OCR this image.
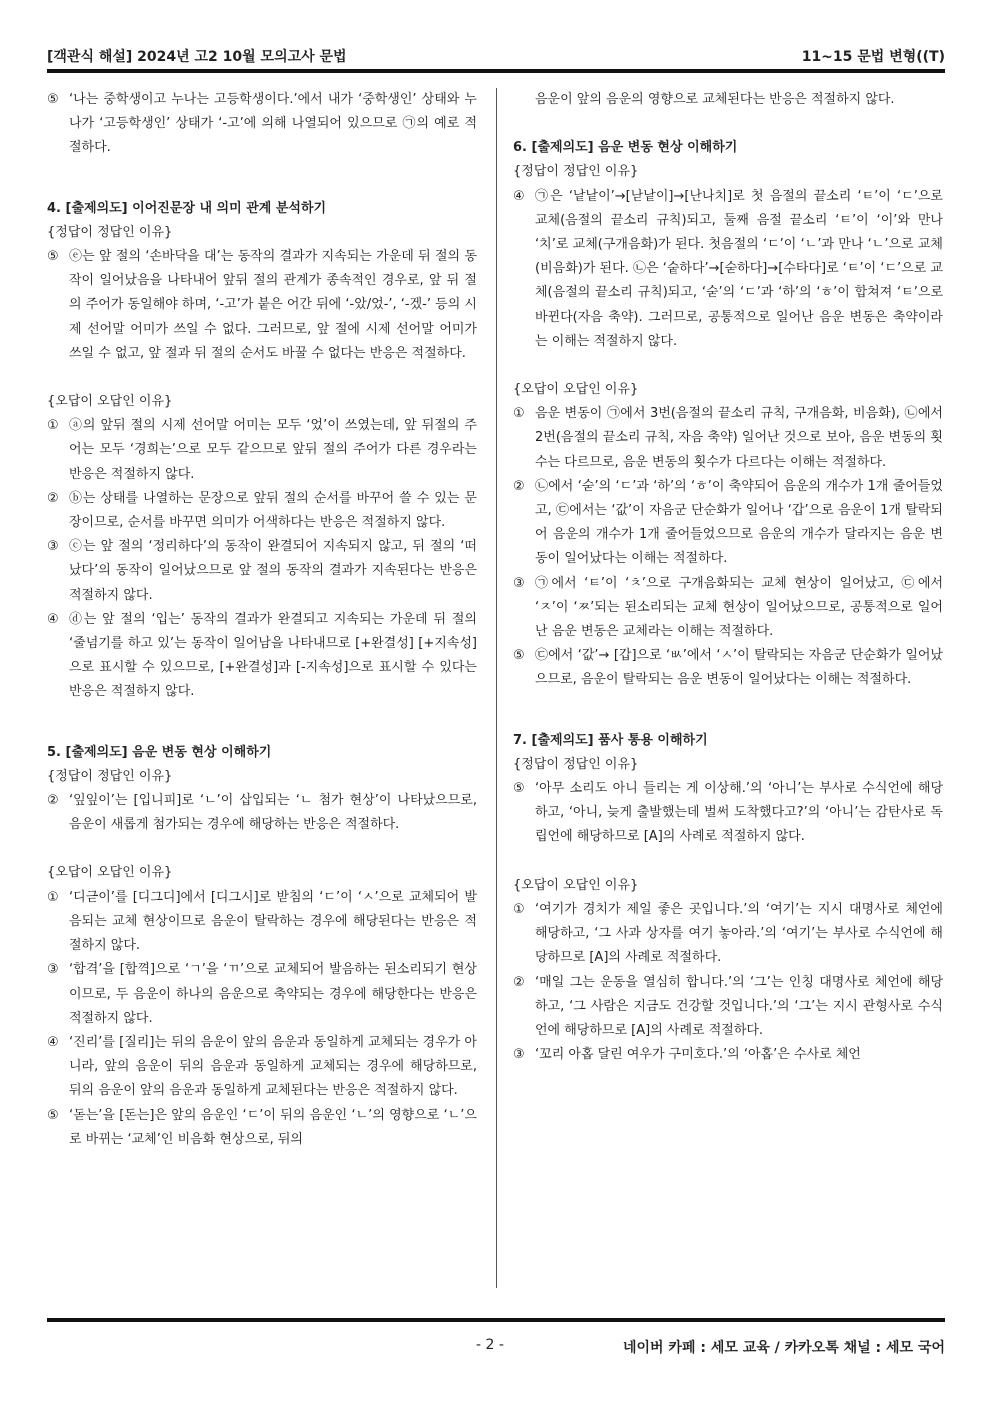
[객관식 해설] 2024년 고2 10월 모의고사 문법	11~15 문법 변형((T)
⑤ ‘나는 중학생이고 누나는 고등학생이다.’에서 내가 ‘중학생인’ 상태와 누나가 ‘고등학생인’ 상태가 ‘-고’에 의해 나열되어 있으므로 ㉠의 예로 적절하다.
4. [출제의도] 이어진문장 내 의미 관계 분석하기
{정답이 정답인 이유}
⑤ ⓔ는 앞 절의 ‘손바닥을 대’는 동작의 결과가 지속되는 가운데 뒤 절의 동작이 일어났음을 나타내어 앞뒤 절의 관계가 종속적인 경우로, 앞 뒤 절의 주어가 동일해야 하며, ‘-고’가 붙은 어간 뒤에 ‘-았/었-’, ‘-겠-’ 등의 시제 선어말 어미가 쓰일 수 없다. 그러므로, 앞 절에 시제 선어말 어미가 쓰일 수 없고, 앞 절과 뒤 절의 순서도 바꿀 수 없다는 반응은 적절하다.
{오답이 오답인 이유}
① ⓐ의 앞뒤 절의 시제 선어말 어미는 모두 ‘었’이 쓰였는데, 앞 뒤절의 주어는 모두 ‘경희는’으로 모두 같으므로 앞뒤 절의 주어가 다른 경우라는 반응은 적절하지 않다.
② ⓑ는 상태를 나열하는 문장으로 앞뒤 절의 순서를 바꾸어 쓸 수 있는 문장이므로, 순서를 바꾸면 의미가 어색하다는 반응은 적절하지 않다.
③ ⓒ는 앞 절의 ‘정리하다’의 동작이 완결되어 지속되지 않고, 뒤 절의 ‘떠났다’의 동작이 일어났으므로 앞 절의 동작의 결과가 지속된다는 반응은 적절하지 않다.
④ ⓓ는 앞 절의 ‘입는’ 동작의 결과가 완결되고 지속되는 가운데 뒤 절의 ‘줄넘기를 하고 있’는 동작이 일어남을 나타내므로 [+완결성] [+지속성]으로 표시할 수 있으므로, [+완결성]과 [-지속성]으로 표시할 수 있다는 반응은 적절하지 않다.
5. [출제의도] 음운 변동 현상 이해하기
{정답이 정답인 이유}
② ‘잎잎이’는 [입니피]로 ‘ㄴ’이 삽입되는 ‘ㄴ 첨가 현상’이 나타났으므로, 음운이 새롭게 첨가되는 경우에 해당하는 반응은 적절하다.
{오답이 오답인 이유}
① ‘디귿이’를 [디그디]에서 [디그시]로 받침의 ‘ㄷ’이 ‘ㅅ’으로 교체되어 발음되는 교체 현상이므로 음운이 탈락하는 경우에 해당된다는 반응은 적절하지 않다.
③ ‘합격’을 [합껵]으로 ‘ㄱ’을 ‘ㄲ’으로 교체되어 발음하는 된소리되기 현상이므로, 두 음운이 하나의 음운으로 축약되는 경우에 해당한다는 반응은 적절하지 않다.
④ ‘진리’를 [질리]는 뒤의 음운이 앞의 음운과 동일하게 교체되는 경우가 아니라, 앞의 음운이 뒤의 음운과 동일하게 교체되는 경우에 해당하므로, 뒤의 음운이 앞의 음운과 동일하게 교체된다는 반응은 적절하지 않다.
⑤ ‘돋는’을 [돈는]은 앞의 음운인 ‘ㄷ’이 뒤의 음운인 ‘ㄴ’의 영향으로 ‘ㄴ’으로 바뀌는 ‘교체’인 비음화 현상으로, 뒤의
음운이 앞의 음운의 영향으로 교체된다는 반응은 적절하지 않다.
6. [출제의도] 음운 변동 현상 이해하기
{정답이 정답인 이유}
④ ㉠은 ‘낱낱이’→[낟낱이]→[난나치]로 첫 음절의 끝소리 ‘ㅌ’이 ‘ㄷ’으로 교체(음절의 끝소리 규칙)되고, 둘째 음절 끝소리 ‘ㅌ’이 ‘이’와 만나 ‘치’로 교체(구개음화)가 된다. 첫음절의 ‘ㄷ’이 ‘ㄴ’과 만나 ‘ㄴ’으로 교체(비음화)가 된다. ㉡은 ‘숱하다’→[숟하다]→[수타다]로 ‘ㅌ’이 ‘ㄷ’으로 교체(음절의 끝소리 규칙)되고, ‘숟’의 ‘ㄷ’과 ‘하’의 ‘ㅎ’이 합쳐져 ‘ㅌ’으로 바뀐다(자음 축약). 그러므로, 공통적으로 일어난 음운 변동은 축약이라는 이해는 적절하지 않다.
{오답이 오답인 이유}
① 음운 변동이 ㉠에서 3번(음절의 끝소리 규칙, 구개음화, 비음화), ㉡에서 2번(음절의 끝소리 규칙, 자음 축약) 일어난 것으로 보아, 음운 변동의 횟수는 다르므로, 음운 변동의 횟수가 다르다는 이해는 적절하다.
② ㉡에서 ‘숟’의 ‘ㄷ’과 ‘하’의 ‘ㅎ’이 축약되어 음운의 개수가 1개 줄어들었고, ㉢에서는 ‘값’이 자음군 단순화가 일어나 ‘갑’으로 음운이 1개 탈락되어 음운의 개수가 1개 줄어들었으므로 음운의 개수가 달라지는 음운 변동이 일어났다는 이해는 적절하다.
③ ㉠에서 ‘ㅌ’이 ‘ㅊ’으로 구개음화되는 교체 현상이 일어났고, ㉢에서 ‘ㅈ’이 ‘ㅉ’되는 된소리되는 교체 현상이 일어났으므로, 공통적으로 일어난 음운 변동은 교체라는 이해는 적절하다.
⑤ ㉢에서 ‘값’→ [갑]으로 ‘ㅄ’에서 ‘ㅅ’이 탈락되는 자음군 단순화가 일어났으므로, 음운이 탈락되는 음운 변동이 일어났다는 이해는 적절하다.
7. [출제의도] 품사 통용 이해하기
{정답이 정답인 이유}
⑤ ‘아무 소리도 아니 들리는 게 이상해.’의 ‘아니’는 부사로 수식언에 해당하고, ‘아니, 늦게 출발했는데 벌써 도착했다고?’의 ‘아니’는 감탄사로 독립언에 해당하므로 [A]의 사례로 적절하지 않다.
{오답이 오답인 이유}
① ‘여기가 경치가 제일 좋은 곳입니다.’의 ‘여기’는 지시 대명사로 체언에 해당하고, ‘그 사과 상자를 여기 놓아라.’의 ‘여기’는 부사로 수식언에 해당하므로 [A]의 사례로 적절하다.
② ‘매일 그는 운동을 열심히 합니다.’의 ‘그’는 인칭 대명사로 체언에 해당하고, ‘그 사람은 지금도 건강할 것입니다.’의 ‘그’는 지시 관형사로 수식언에 해당하므로 [A]의 사례로 적절하다.
③ ‘꼬리 아홉 달린 여우가 구미호다.’의 ‘아홉’은 수사로 체언
- 2 -	네이버 카페 : 세모 교육 / 카카오톡 채널 : 세모 국어
